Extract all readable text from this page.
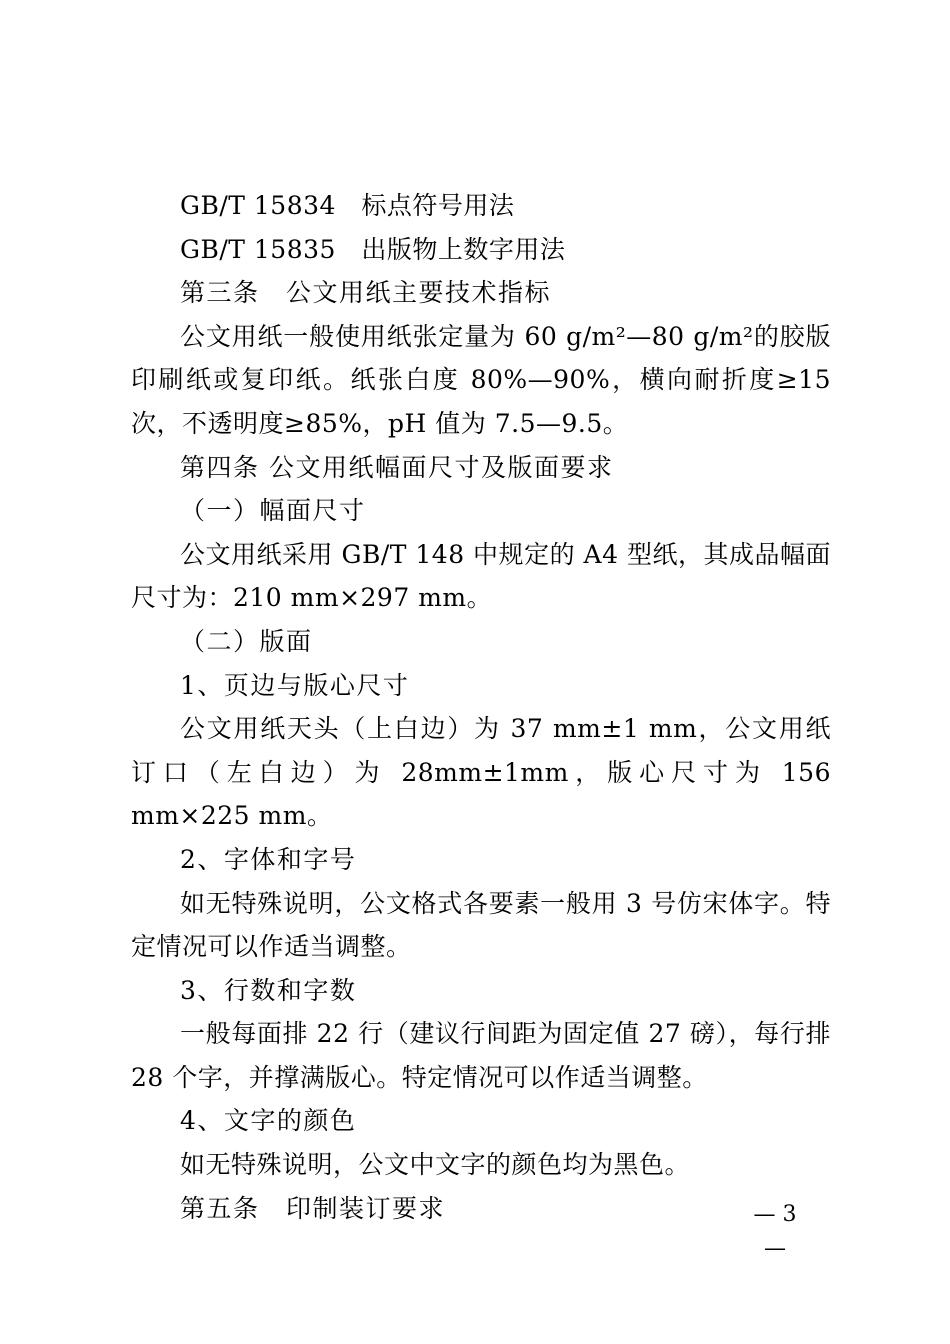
GB/T 15834　标点符号用法

GB/T 15835　出版物上数字用法

第三条　公文用纸主要技术指标

公文用纸一般使用纸张定量为 60 g/m²—80 g/m²的胶版印刷纸或复印纸。纸张白度 80%—90%，横向耐折度≥15 次，不透明度≥85%，pH 值为 7.5—9.5。

第四条 公文用纸幅面尺寸及版面要求

（一）幅面尺寸

公文用纸采用 GB/T 148 中规定的 A4 型纸，其成品幅面尺寸为：210 mm×297 mm。

（二）版面

1、页边与版心尺寸

公文用纸天头（上白边）为 37 mm±1 mm，公文用纸订口（左白边）为 28mm±1mm，版心尺寸为 156 mm×225 mm。

2、字体和字号

如无特殊说明，公文格式各要素一般用 3 号仿宋体字。特定情况可以作适当调整。

3、行数和字数

一般每面排 22 行（建议行间距为固定值 27 磅），每行排 28 个字，并撑满版心。特定情况可以作适当调整。

4、文字的颜色

如无特殊说明，公文中文字的颜色均为黑色。

第五条　印制装订要求	— 3 —
